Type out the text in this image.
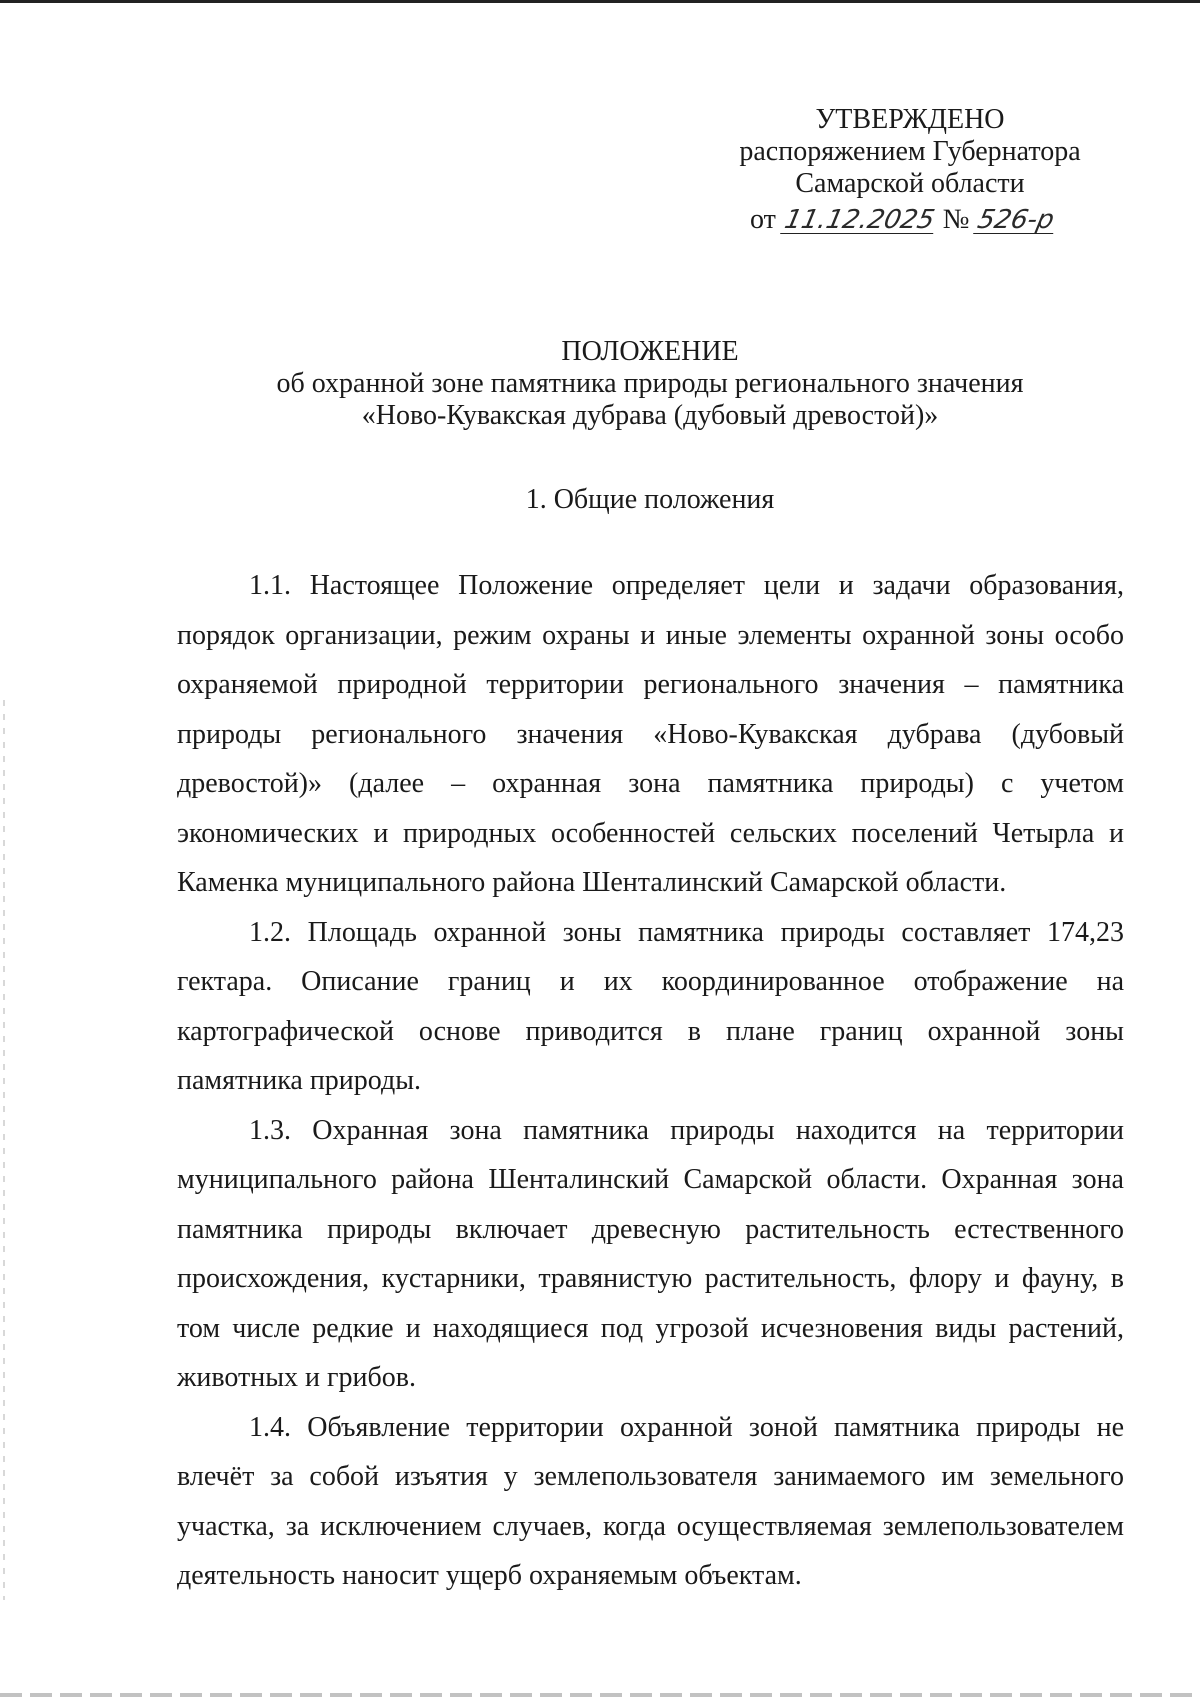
УТВЕРЖДЕНО
распоряжением Губернатора
Самарской области
от 11.12.2025 № 526-р
ПОЛОЖЕНИЕ
об охранной зоне памятника природы регионального значения
«Ново-Кувакская дубрава (дубовый древостой)»
1. Общие положения

1.1. Настоящее Положение определяет цели и задачи образования, порядок организации, режим охраны и иные элементы охранной зоны особо охраняемой природной территории регионального значения – памятника природы регионального значения «Ново-Кувакская дубрава (дубовый древостой)» (далее – охранная зона памятника природы) с учетом экономических и природных особенностей сельских поселений Четырла и Каменка муниципального района Шенталинский Самарской области.

1.2. Площадь охранной зоны памятника природы составляет 174,23 гектара. Описание границ и их координированное отображение на картографической основе приводится в плане границ охранной зоны памятника природы.

1.3. Охранная зона памятника природы находится на территории муниципального района Шенталинский Самарской области. Охранная зона памятника природы включает древесную растительность естественного происхождения, кустарники, травянистую растительность, флору и фауну, в том числе редкие и находящиеся под угрозой исчезновения виды растений, животных и грибов.

1.4. Объявление территории охранной зоной памятника природы не влечёт за собой изъятия у землепользователя занимаемого им земельного участка, за исключением случаев, когда осуществляемая землепользователем деятельность наносит ущерб охраняемым объектам.
